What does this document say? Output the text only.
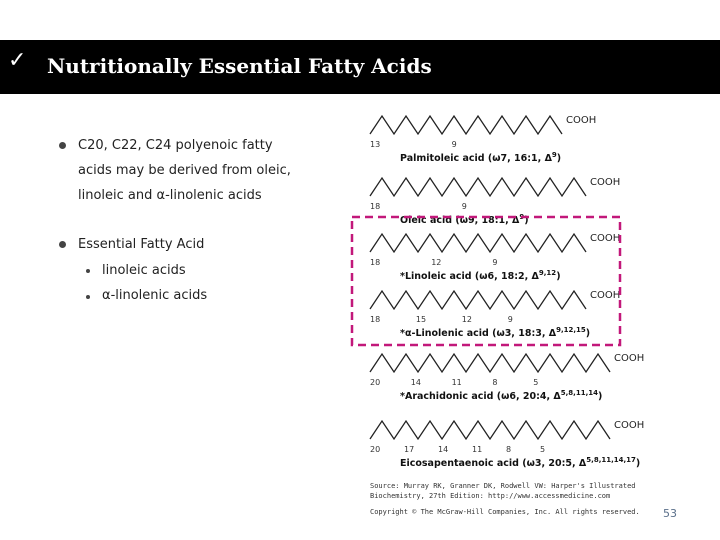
✓ Nutritionally Essential Fatty Acids
C20, C22, C24 polyenoic fatty
acids may be derived from oleic,
linoleic and α-linolenic acids
Essential Fatty Acid
linoleic acids
α-linolenic acids
COOH
13	9
Palmitoleic acid (ω7, 16:1, $\Delta^9$)
COOH
18	9
Oleic acid (ω9, 18:1, $\Delta^9$)
COOH
18	12	9
*Linoleic acid (ω6, 18:2, Δ$^{9,12}$)
COOH
18	15	12	9
*α-Linolenic acid (ω3, 18:3, Δ$^{9,12,15}$)
COOH
20	14	11	8	5
*Arachidonic acid (ω6, 20:4, Δ$^{5,8,11,14}$)
COOH
20	17	14	11	8	5
Eicosapentaenoic acid (ω3, 20:5, Δ$^{5,8,11,14,17}$)
Source: Murray RK, Granner DK, Rodwell VW: Harper's Illustrated
Biochemistry, 27th Edition: http://www.accessmedicine.com
Copyright © The McGraw-Hill Companies, Inc. All rights reserved. 53
